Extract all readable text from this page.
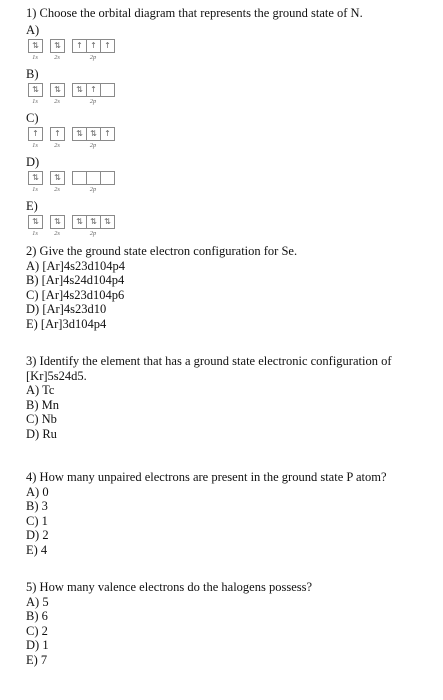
1) Choose the orbital diagram that represents the ground state of N.
A)
⇅
1s
⇅
2s
↑ ↑ ↑
2p
B)
⇅
1s
⇅
2s
⇅ ↑
2p
C)
↑
1s
↑
2s
⇅ ⇅ ↑
2p
D)
⇅
1s
⇅
2s	2p
E)
⇅
1s
⇅
2s
⇅ ⇅ ⇅
2p
2) Give the ground state electron configuration for Se.
A) [Ar]4s23d104p4
B) [Ar]4s24d104p4
C) [Ar]4s23d104p6
D) [Ar]4s23d10
E) [Ar]3d104p4
3) Identify the element that has a ground state electronic configuration of
[Kr]5s24d5.
A) Tc
B) Mn
C) Nb
D) Ru
4) How many unpaired electrons are present in the ground state P atom?
A) 0
B) 3
C) 1
D) 2
E) 4
5) How many valence electrons do the halogens possess?
A) 5
B) 6
C) 2
D) 1
E) 7
